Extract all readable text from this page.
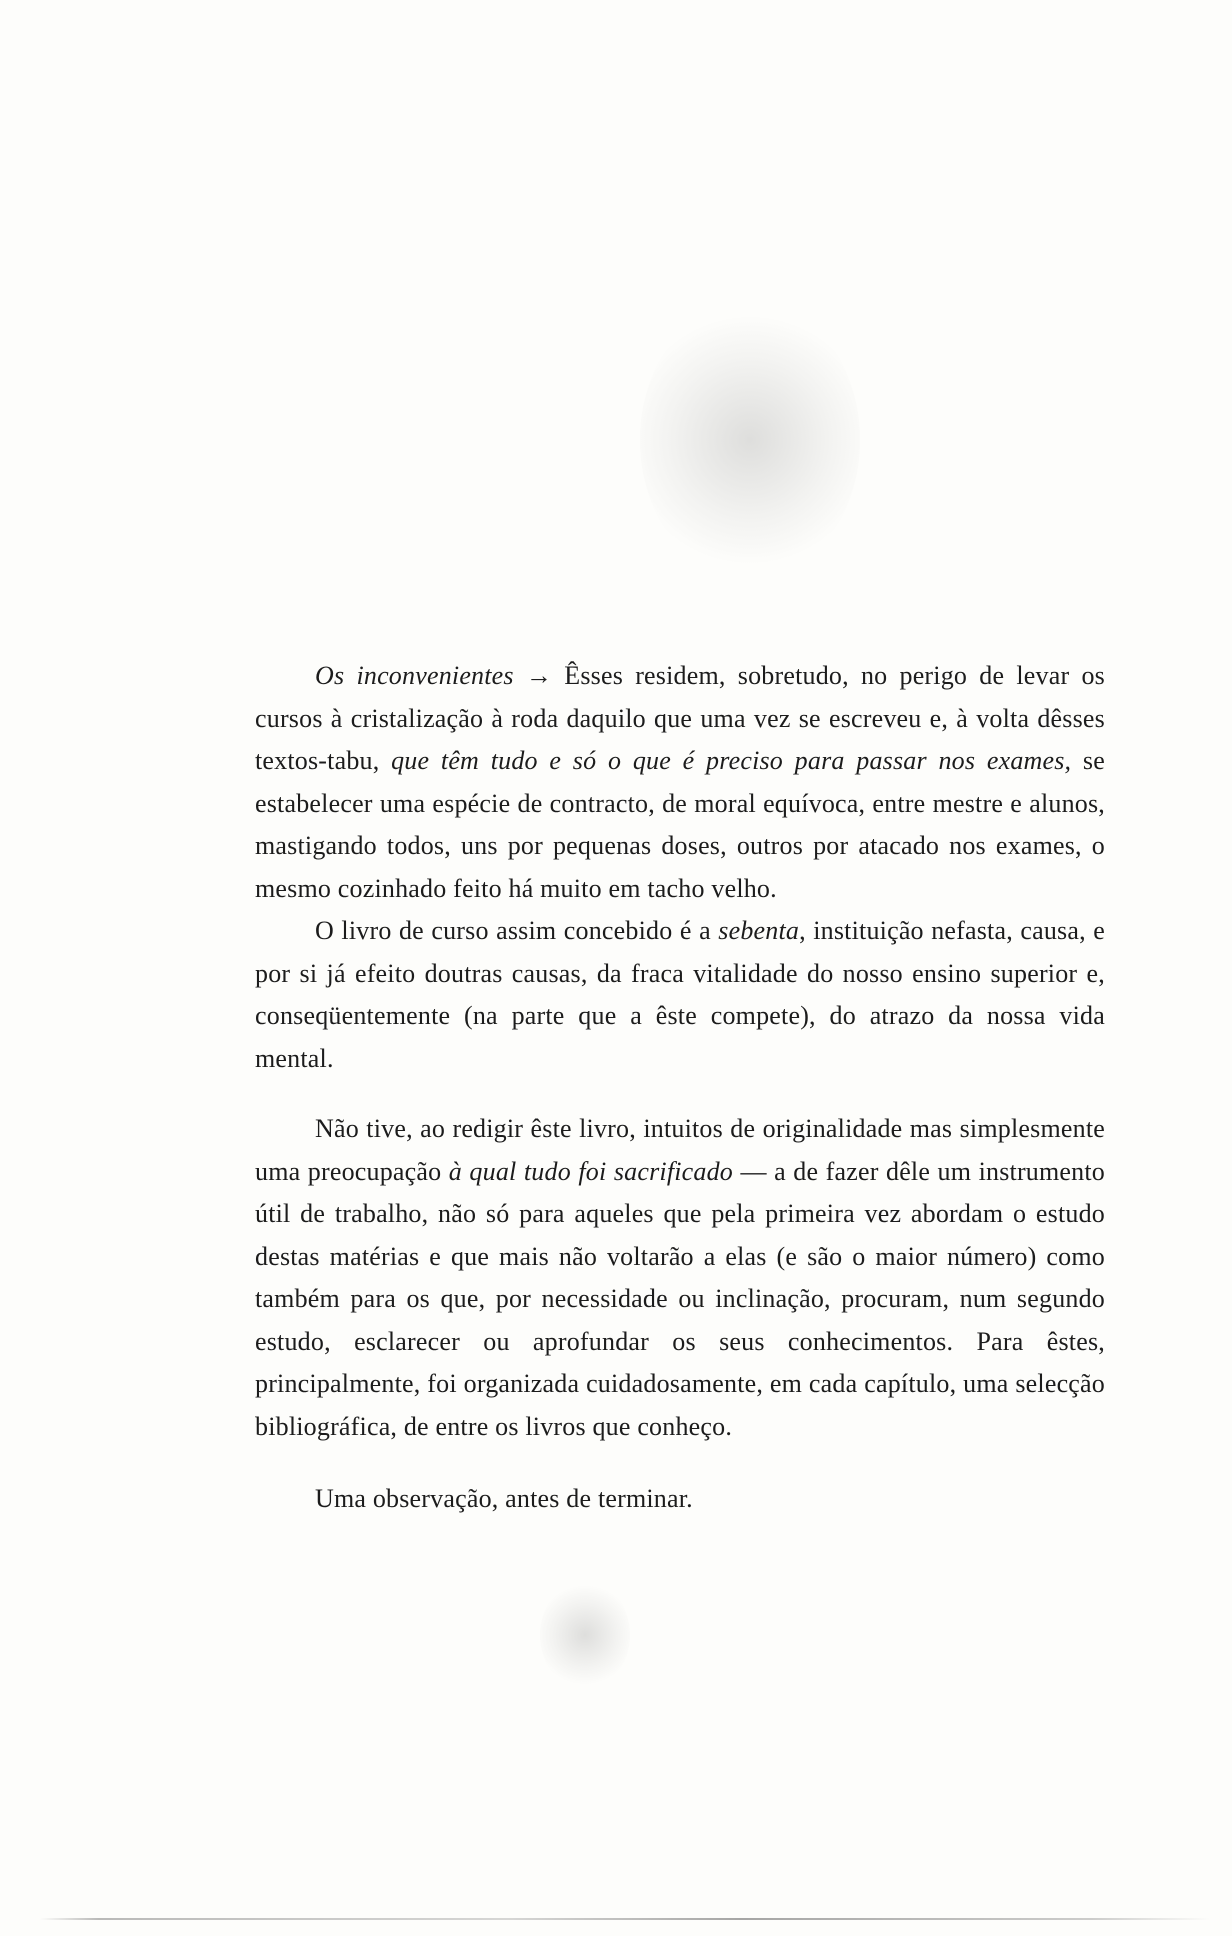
Os inconvenientes → Êsses residem, sobretudo, no perigo de levar os cursos à cristalização à roda daquilo que uma vez se escreveu e, à volta dêsses textos-tabu, que têm tudo e só o que é preciso para passar nos exames, se estabelecer uma espécie de contracto, de moral equívoca, entre mestre e alunos, mastigando todos, uns por pequenas doses, outros por atacado nos exames, o mesmo cozinhado feito há muito em tacho velho.

O livro de curso assim concebido é a sebenta, instituição nefasta, causa, e por si já efeito doutras causas, da fraca vitalidade do nosso ensino superior e, conseqüentemente (na parte que a êste compete), do atrazo da nossa vida mental.

Não tive, ao redigir êste livro, intuitos de originalidade mas simplesmente uma preocupação à qual tudo foi sacrificado — a de fazer dêle um instrumento útil de trabalho, não só para aqueles que pela primeira vez abordam o estudo destas matérias e que mais não voltarão a elas (e são o maior número) como também para os que, por necessidade ou inclinação, procuram, num segundo estudo, esclarecer ou aprofundar os seus conhecimentos. Para êstes, principalmente, foi organizada cuidadosamente, em cada capítulo, uma selecção bibliográfica, de entre os livros que conheço.

Uma observação, antes de terminar.
